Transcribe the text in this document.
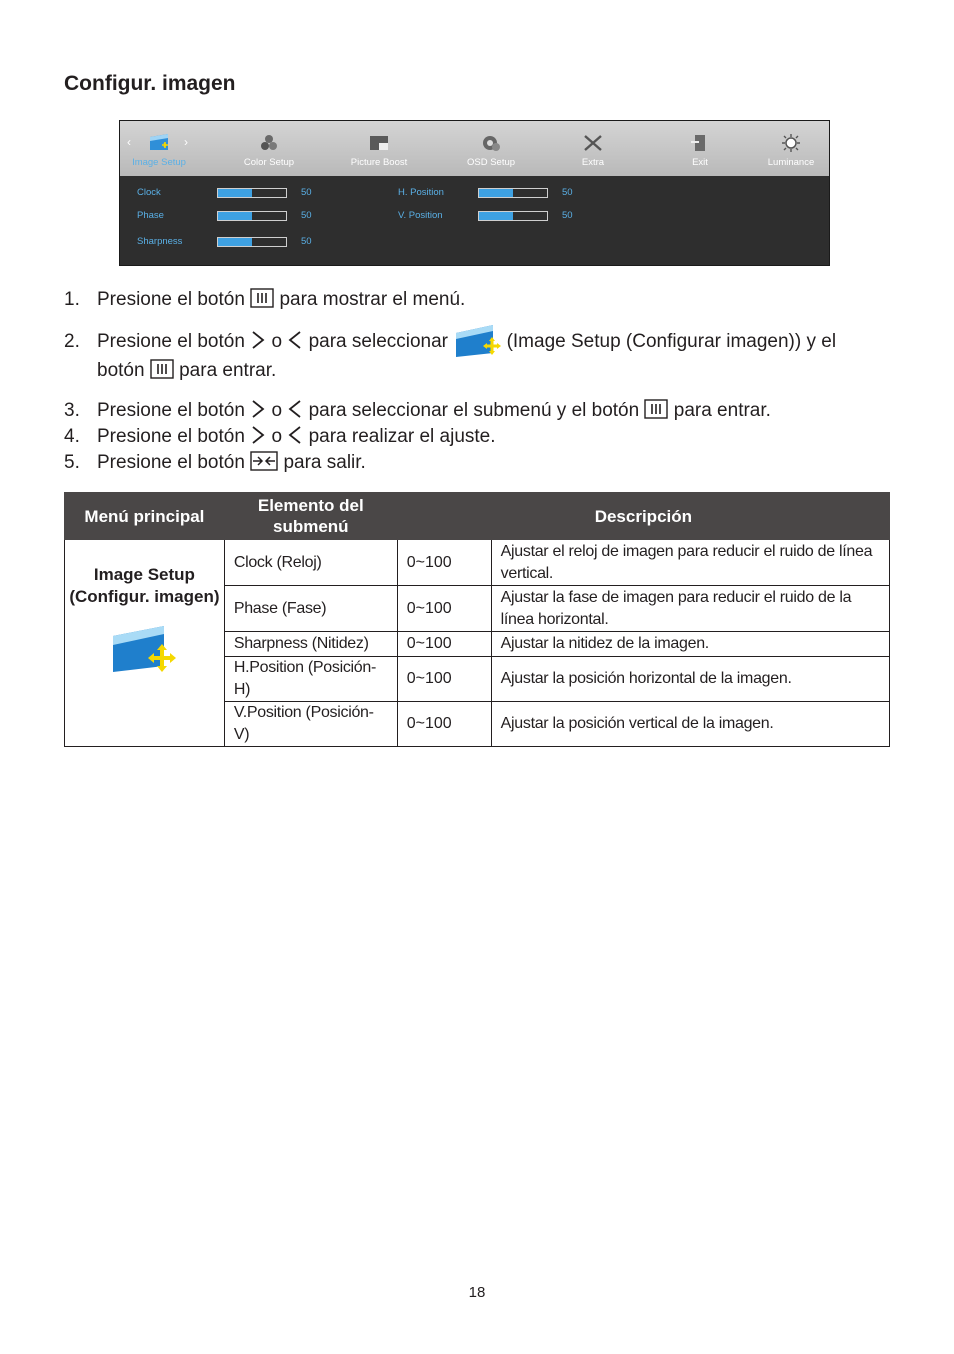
Configur. imagen
‹	›
Image Setup	Color Setup	Picture Boost	OSD Setup	Extra	Exit	Luminance
Clock	50
Phase	50
Sharpness	50
H. Position	50
V. Position	50
1. Presione el botón para mostrar el menú.
2. Presione el botón o para seleccionar	(Image Setup (Configurar imagen)) y el
botón para entrar.
3. Presione el botón o para seleccionar el submenú y el botón para entrar.
4. Presione el botón o para realizar el ajuste.
5. Presione el botón para salir.
Menú principal	Elemento del submenú	Descripción	

Image Setup
(Configur. imagen)	Clock (Reloj)	0~100	Ajustar el reloj de imagen para reducir el ruido de línea vertical.
	Phase (Fase)	0~100	Ajustar la fase de imagen para reducir el ruido de la línea horizontal.
	Sharpness (Nitidez)	0~100	Ajustar la nitidez de la imagen.
	H.Position (Posición-H)	0~100	Ajustar la posición horizontal de la imagen.
	V.Position (Posición-V)	0~100	Ajustar la posición vertical de la imagen.
18
